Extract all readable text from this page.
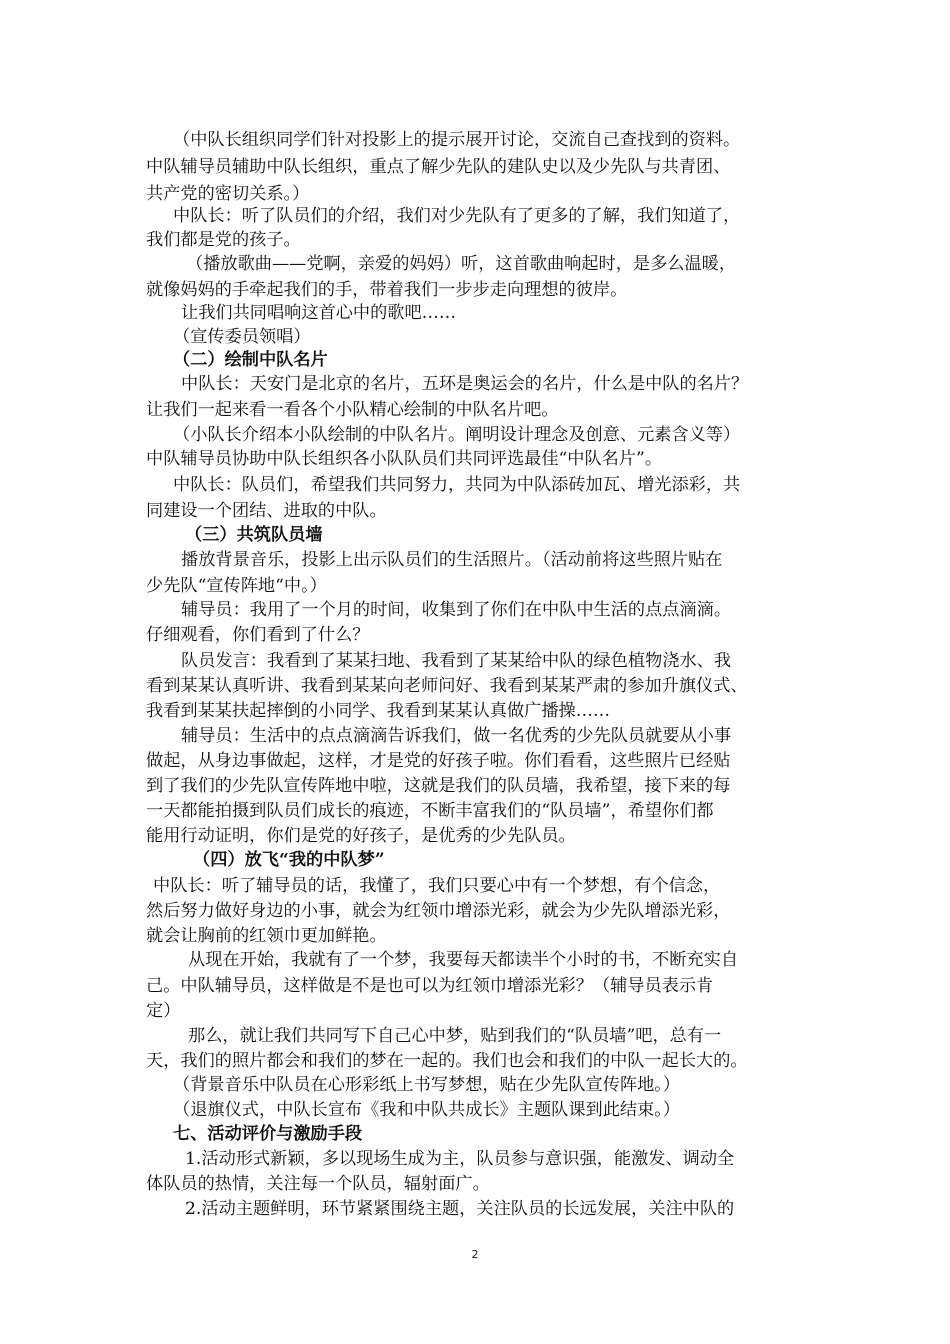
（中队长组织同学们针对投影上的提示展开讨论，交流自己查找到的资料。
中队辅导员辅助中队长组织，重点了解少先队的建队史以及少先队与共青团、
共产党的密切关系。）
中队长：听了队员们的介绍，我们对少先队有了更多的了解，我们知道了，
我们都是党的孩子。
（播放歌曲——党啊，亲爱的妈妈）听，这首歌曲响起时，是多么温暖，
就像妈妈的手牵起我们的手，带着我们一步步走向理想的彼岸。
让我们共同唱响这首心中的歌吧……
（宣传委员领唱）
（二）绘制中队名片
中队长：天安门是北京的名片，五环是奥运会的名片，什么是中队的名片？
让我们一起来看一看各个小队精心绘制的中队名片吧。
（小队长介绍本小队绘制的中队名片。阐明设计理念及创意、元素含义等）
中队辅导员协助中队长组织各小队队员们共同评选最佳“中队名片”。
中队长：队员们，希望我们共同努力，共同为中队添砖加瓦、增光添彩，共
同建设一个团结、进取的中队。
（三）共筑队员墙
播放背景音乐，投影上出示队员们的生活照片。（活动前将这些照片贴在
少先队“宣传阵地“中。）
辅导员：我用了一个月的时间，收集到了你们在中队中生活的点点滴滴。
仔细观看，你们看到了什么？
队员发言：我看到了某某扫地、我看到了某某给中队的绿色植物浇水、我
看到某某认真听讲、我看到某某向老师问好、我看到某某严肃的参加升旗仪式、
我看到某某扶起摔倒的小同学、我看到某某认真做广播操……
辅导员：生活中的点点滴滴告诉我们，做一名优秀的少先队员就要从小事
做起，从身边事做起，这样，才是党的好孩子啦。你们看看，这些照片已经贴
到了我们的少先队宣传阵地中啦，这就是我们的队员墙，我希望，接下来的每
一天都能拍摄到队员们成长的痕迹，不断丰富我们的“队员墙”，希望你们都
能用行动证明，你们是党的好孩子，是优秀的少先队员。
（四）放飞“我的中队梦”
中队长：听了辅导员的话，我懂了，我们只要心中有一个梦想，有个信念，
然后努力做好身边的小事，就会为红领巾增添光彩，就会为少先队增添光彩，
就会让胸前的红领巾更加鲜艳。
从现在开始，我就有了一个梦，我要每天都读半个小时的书，不断充实自
己。中队辅导员，这样做是不是也可以为红领巾增添光彩？（辅导员表示肯
定）
那么，就让我们共同写下自己心中梦，贴到我们的“队员墙”吧，总有一
天，我们的照片都会和我们的梦在一起的。我们也会和我们的中队一起长大的。
（背景音乐中队员在心形彩纸上书写梦想，贴在少先队宣传阵地。）
（退旗仪式，中队长宣布《我和中队共成长》主题队课到此结束。）
七、活动评价与激励手段
1.活动形式新颖，多以现场生成为主，队员参与意识强，能激发、调动全
体队员的热情，关注每一个队员，辐射面广。
2.活动主题鲜明，环节紧紧围绕主题，关注队员的长远发展，关注中队的
2
